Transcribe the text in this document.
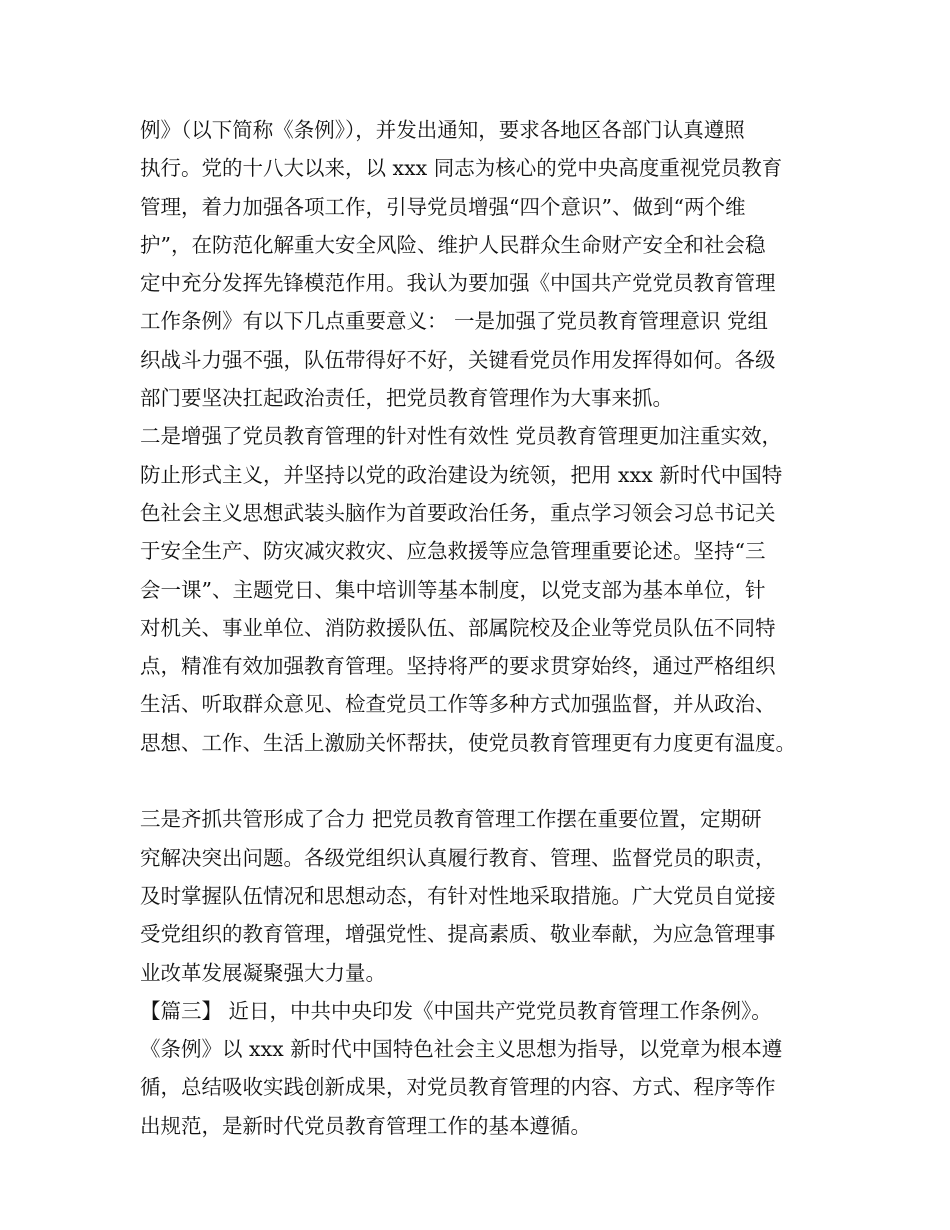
例》（以下简称《条例》），并发出通知，要求各地区各部门认真遵照
执行。党的十八大以来，以 xxx 同志为核心的党中央高度重视党员教育
管理，着力加强各项工作，引导党员增强“四个意识”、做到“两个维
护”，在防范化解重大安全风险、维护人民群众生命财产安全和社会稳
定中充分发挥先锋模范作用。我认为要加强《中国共产党党员教育管理
工作条例》有以下几点重要意义： 一是加强了党员教育管理意识 党组
织战斗力强不强，队伍带得好不好，关键看党员作用发挥得如何。各级
部门要坚决扛起政治责任，把党员教育管理作为大事来抓。
二是增强了党员教育管理的针对性有效性 党员教育管理更加注重实效，
防止形式主义，并坚持以党的政治建设为统领，把用 xxx 新时代中国特
色社会主义思想武装头脑作为首要政治任务，重点学习领会习总书记关
于安全生产、防灾减灾救灾、应急救援等应急管理重要论述。坚持“三
会一课”、主题党日、集中培训等基本制度，以党支部为基本单位，针
对机关、事业单位、消防救援队伍、部属院校及企业等党员队伍不同特
点，精准有效加强教育管理。坚持将严的要求贯穿始终，通过严格组织
生活、听取群众意见、检查党员工作等多种方式加强监督，并从政治、
思想、工作、生活上激励关怀帮扶，使党员教育管理更有力度更有温度。
三是齐抓共管形成了合力 把党员教育管理工作摆在重要位置，定期研
究解决突出问题。各级党组织认真履行教育、管理、监督党员的职责，
及时掌握队伍情况和思想动态，有针对性地采取措施。广大党员自觉接
受党组织的教育管理，增强党性、提高素质、敬业奉献，为应急管理事
业改革发展凝聚强大力量。
【篇三】 近日，中共中央印发《中国共产党党员教育管理工作条例》。
《条例》以 xxx 新时代中国特色社会主义思想为指导，以党章为根本遵
循，总结吸收实践创新成果，对党员教育管理的内容、方式、程序等作
出规范，是新时代党员教育管理工作的基本遵循。
